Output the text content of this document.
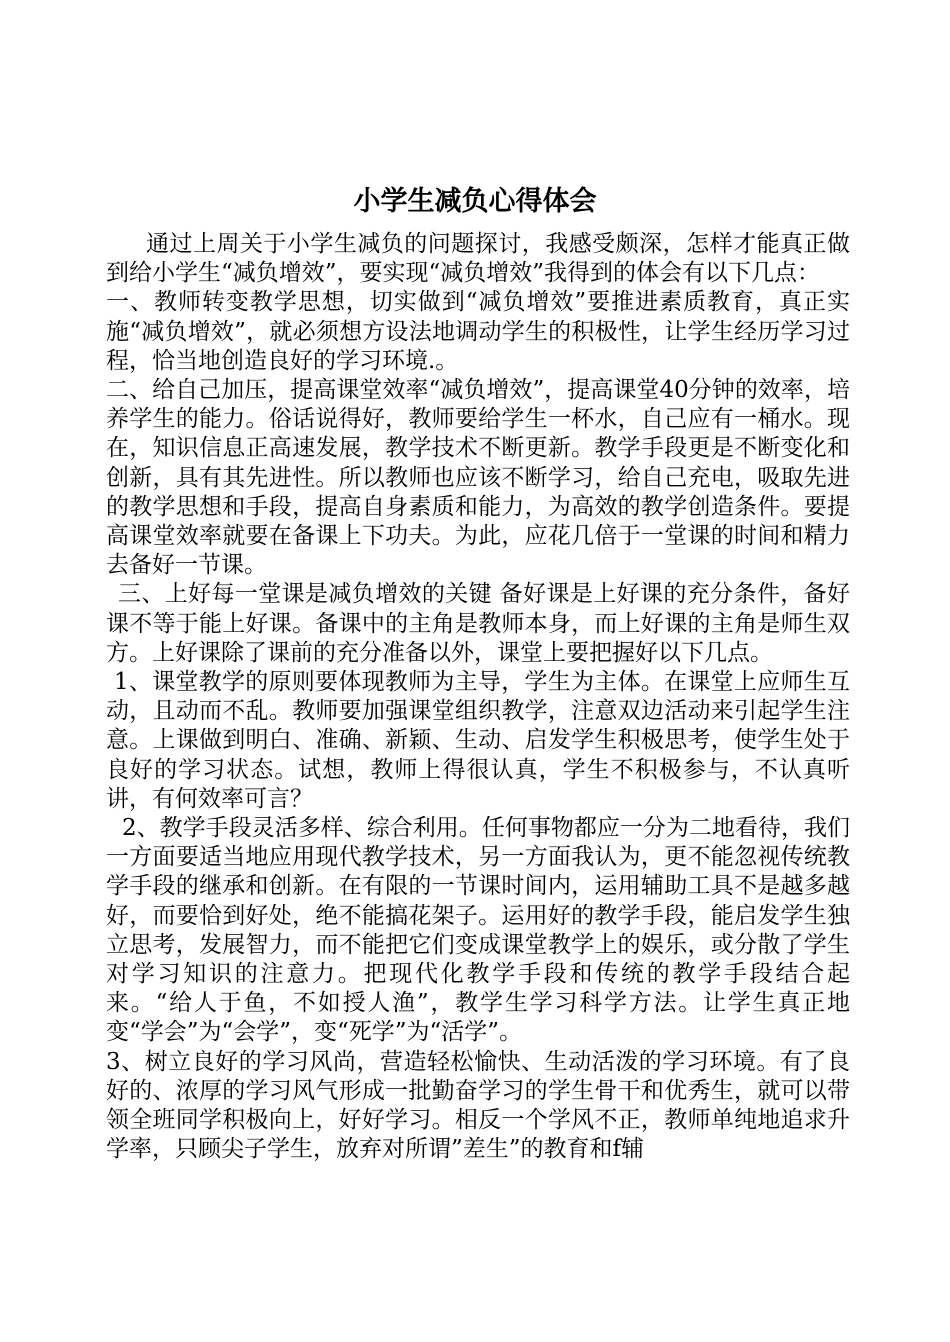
小学生减负心得体会

通过上周关于小学生减负的问题探讨，我感受颇深，怎样才能真正做到给小学生“减负增效”，要实现“减负增效”我得到的体会有以下几点：

一、教师转变教学思想，切实做到“减负增效”要推进素质教育，真正实施“减负增效”，就必须想方设法地调动学生的积极性，让学生经历学习过程，恰当地创造良好的学习环境.。

二、给自己加压，提高课堂效率“减负增效”，提高课堂40分钟的效率，培养学生的能力。俗话说得好，教师要给学生一杯水，自己应有一桶水。现在，知识信息正高速发展，教学技术不断更新。教学手段更是不断变化和创新，具有其先进性。所以教师也应该不断学习，给自己充电，吸取先进的教学思想和手段，提高自身素质和能力，为高效的教学创造条件。要提高课堂效率就要在备课上下功夫。为此，应花几倍于一堂课的时间和精力去备好一节课。

三、上好每一堂课是减负增效的关键 备好课是上好课的充分条件，备好课不等于能上好课。备课中的主角是教师本身，而上好课的主角是师生双方。上好课除了课前的充分准备以外，课堂上要把握好以下几点。

1、课堂教学的原则要体现教师为主导，学生为主体。在课堂上应师生互动，且动而不乱。教师要加强课堂组织教学，注意双边活动来引起学生注意。上课做到明白、准确、新颖、生动、启发学生积极思考，使学生处于良好的学习状态。试想，教师上得很认真，学生不积极参与，不认真听讲，有何效率可言？

2、教学手段灵活多样、综合利用。任何事物都应一分为二地看待，我们一方面要适当地应用现代教学技术，另一方面我认为，更不能忽视传统教学手段的继承和创新。在有限的一节课时间内，运用辅助工具不是越多越好，而要恰到好处，绝不能搞花架子。运用好的教学手段，能启发学生独立思考，发展智力，而不能把它们变成课堂教学上的娱乐，或分散了学生对学习知识的注意力。把现代化教学手段和传统的教学手段结合起来。“给人于鱼，不如授人渔”，教学生学习科学方法。让学生真正地变“学会”为“会学”，变“死学”为“活学”。

3、树立良好的学习风尚，营造轻松愉快、生动活泼的学习环境。有了良好的、浓厚的学习风气形成一批勤奋学习的学生骨干和优秀生，就可以带领全班同学积极向上，好好学习。相反一个学风不正，教师单纯地追求升学率，只顾尖子学生，放弃对所谓”差生”的教育和f辅
